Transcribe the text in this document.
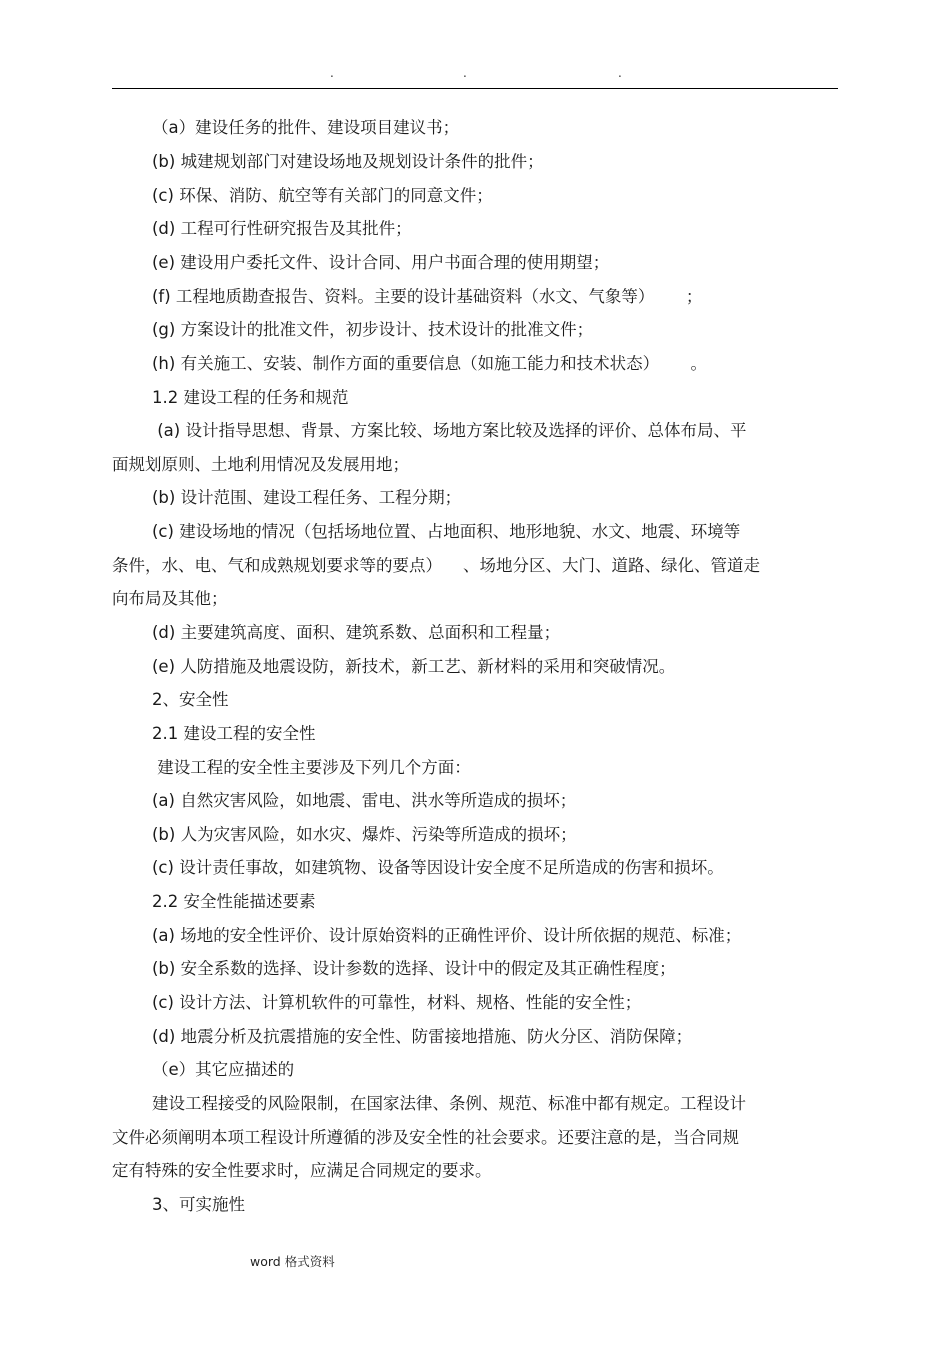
.	.	.
（a）建设任务的批件、建设项目建议书；
(b) 城建规划部门对建设场地及规划设计条件的批件；
(c) 环保、消防、航空等有关部门的同意文件；
(d) 工程可行性研究报告及其批件；
(e) 建设用户委托文件、设计合同、用户书面合理的使用期望；
(f) 工程地质勘查报告、资料。主要的设计基础资料（水文、气象等）      ；
(g) 方案设计的批准文件，初步设计、技术设计的批准文件；
(h) 有关施工、安装、制作方面的重要信息（如施工能力和技术状态）      。
1.2 建设工程的任务和规范
(a) 设计指导思想、背景、方案比较、场地方案比较及选择的评价、总体布局、平
面规划原则、土地利用情况及发展用地；
(b) 设计范围、建设工程任务、工程分期；
(c) 建设场地的情况（包括场地位置、占地面积、地形地貌、水文、地震、环境等
条件，水、电、气和成熟规划要求等的要点）    、场地分区、大门、道路、绿化、管道走
向布局及其他；
(d) 主要建筑高度、面积、建筑系数、总面积和工程量；
(e) 人防措施及地震设防，新技术，新工艺、新材料的采用和突破情况。
2、安全性
2.1 建设工程的安全性
建设工程的安全性主要涉及下列几个方面：
(a) 自然灾害风险，如地震、雷电、洪水等所造成的损坏；
(b) 人为灾害风险，如水灾、爆炸、污染等所造成的损坏；
(c) 设计责任事故，如建筑物、设备等因设计安全度不足所造成的伤害和损坏。
2.2 安全性能描述要素
(a) 场地的安全性评价、设计原始资料的正确性评价、设计所依据的规范、标准；
(b) 安全系数的选择、设计参数的选择、设计中的假定及其正确性程度；
(c) 设计方法、计算机软件的可靠性，材料、规格、性能的安全性；
(d) 地震分析及抗震措施的安全性、防雷接地措施、防火分区、消防保障；
（e）其它应描述的
建设工程接受的风险限制，在国家法律、条例、规范、标准中都有规定。工程设计
文件必须阐明本项工程设计所遵循的涉及安全性的社会要求。还要注意的是，当合同规
定有特殊的安全性要求时，应满足合同规定的要求。
3、可实施性
word 格式资料
